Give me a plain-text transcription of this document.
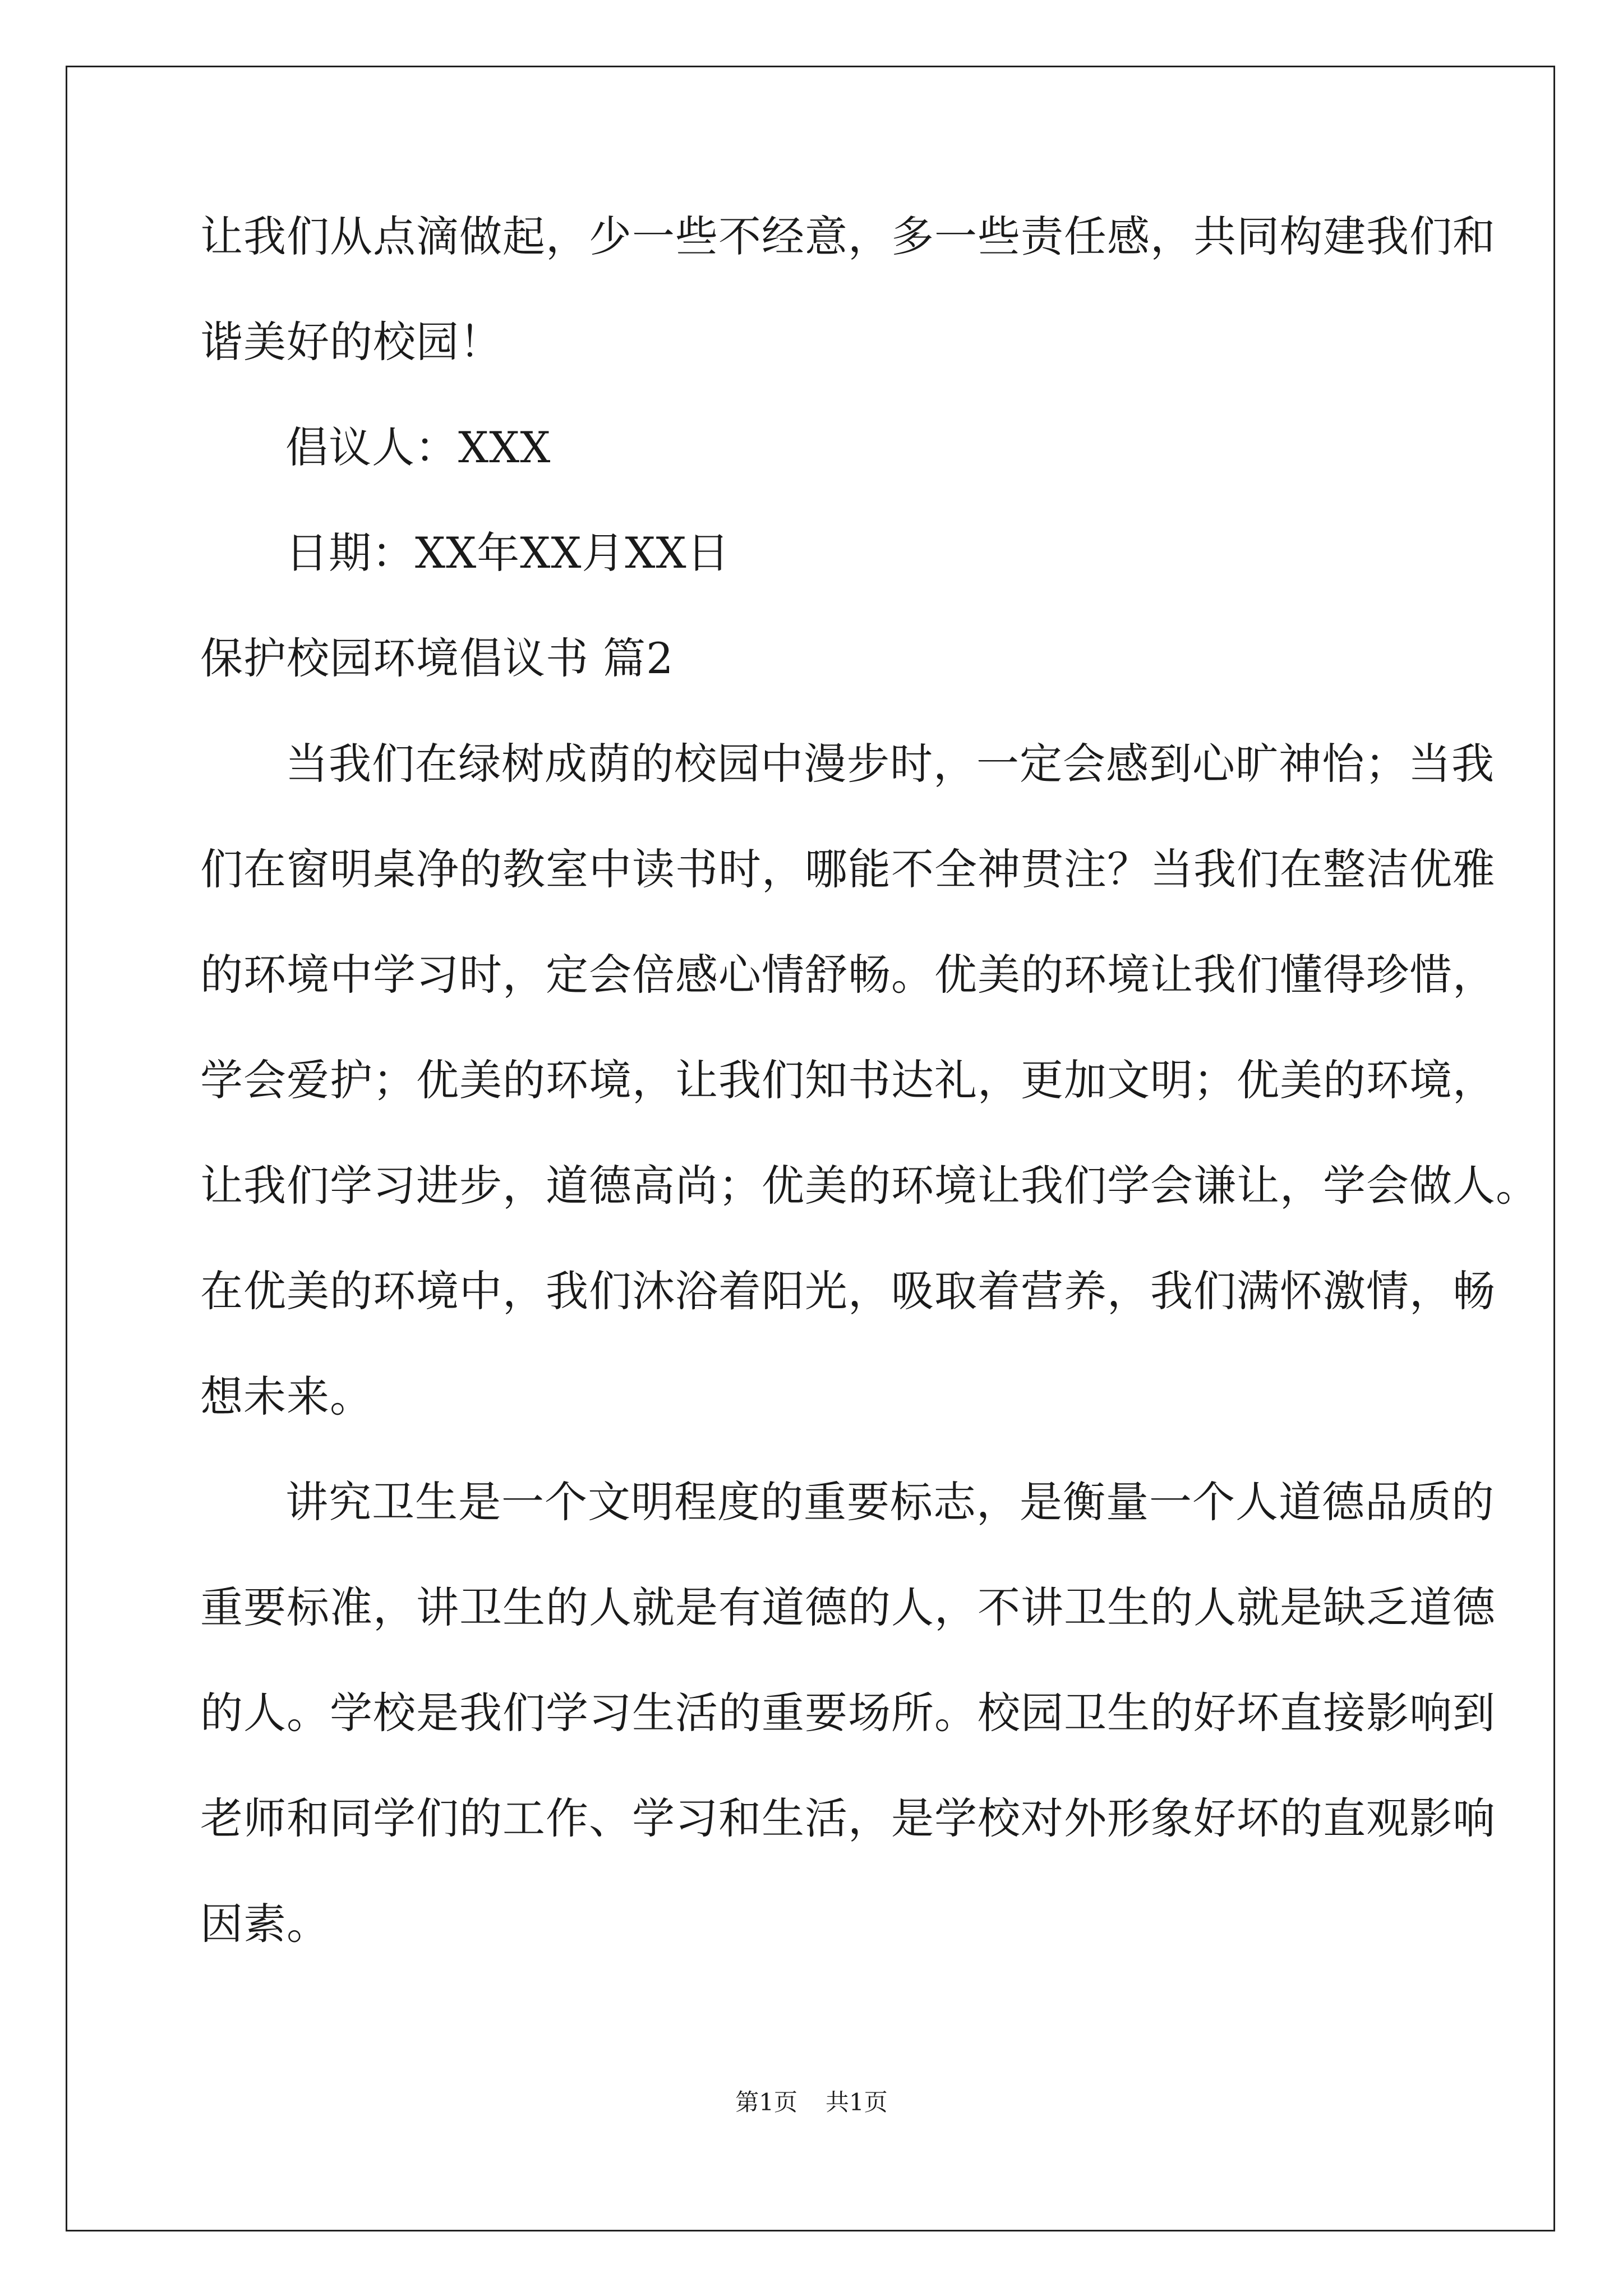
让我们从点滴做起，少一些不经意，多一些责任感，共同构建我们和
谐美好的校园！
倡议人：XXX
日期：XX年XX月XX日
保护校园环境倡议书 篇2
当我们在绿树成荫的校园中漫步时，一定会感到心旷神怡；当我
们在窗明桌净的教室中读书时，哪能不全神贯注？当我们在整洁优雅
的环境中学习时，定会倍感心情舒畅。优美的环境让我们懂得珍惜，
学会爱护；优美的环境，让我们知书达礼，更加文明；优美的环境，
让我们学习进步，道德高尚；优美的环境让我们学会谦让，学会做人。
在优美的环境中，我们沐浴着阳光，吸取着营养，我们满怀激情，畅
想未来。
讲究卫生是一个文明程度的重要标志，是衡量一个人道德品质的
重要标准，讲卫生的人就是有道德的人，不讲卫生的人就是缺乏道德
的人。学校是我们学习生活的重要场所。校园卫生的好坏直接影响到
老师和同学们的工作、学习和生活，是学校对外形象好坏的直观影响
因素。
第1页 共1页
